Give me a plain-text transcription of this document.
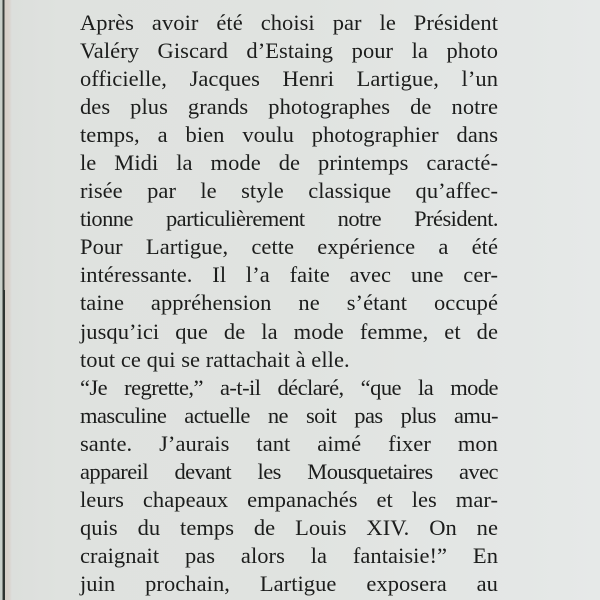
Après avoir été choisi par le Président
Valéry Giscard d’Estaing pour la photo
officielle, Jacques Henri Lartigue, l’un
des plus grands photographes de notre
temps, a bien voulu photographier dans
le Midi la mode de printemps caracté-
risée par le style classique qu’affec-
tionne particulièrement notre Président.
Pour Lartigue, cette expérience a été
intéressante. Il l’a faite avec une cer-
taine appréhension ne s’étant occupé
jusqu’ici que de la mode femme, et de
tout ce qui se rattachait à elle.
“Je regrette,” a-t-il déclaré, “que la mode
masculine actuelle ne soit pas plus amu-
sante. J’aurais tant aimé fixer mon
appareil devant les Mousquetaires avec
leurs chapeaux empanachés et les mar-
quis du temps de Louis XIV. On ne
craignait pas alors la fantaisie!” En
juin prochain, Lartigue exposera au
